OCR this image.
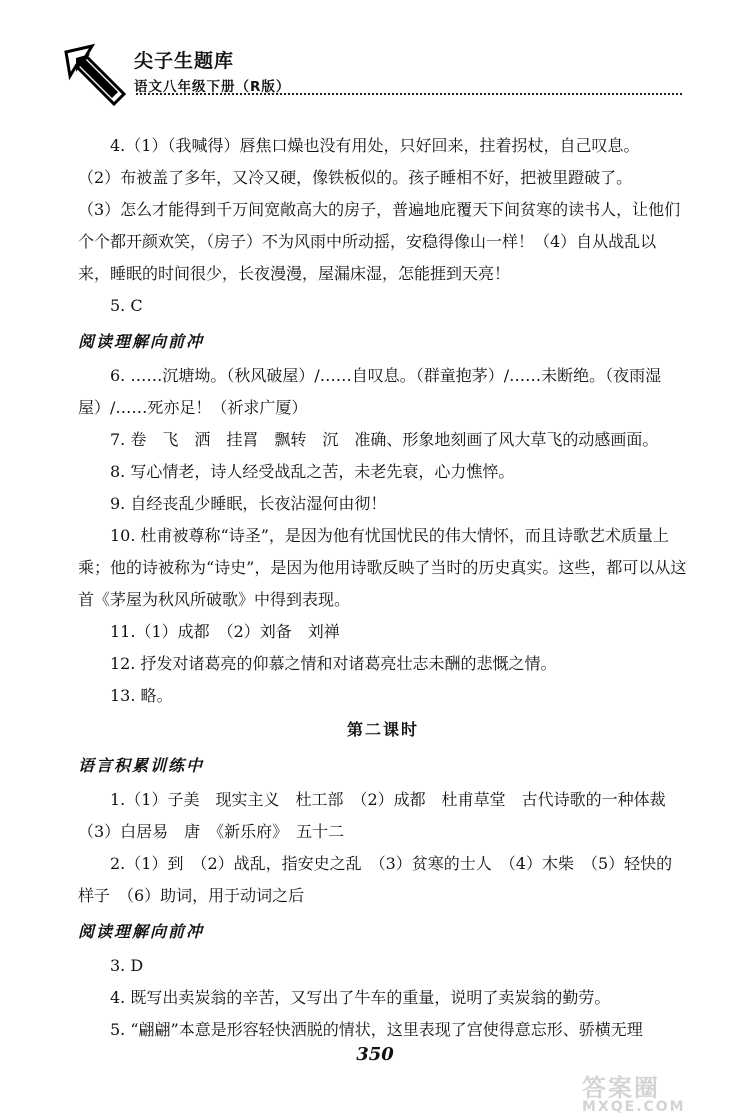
尖子生题库
语文八年级下册（R版）
4.（1）（我喊得）唇焦口燥也没有用处，只好回来，拄着拐杖，自己叹息。
（2）布被盖了多年，又冷又硬，像铁板似的。孩子睡相不好，把被里蹬破了。
（3）怎么才能得到千万间宽敞高大的房子，普遍地庇覆天下间贫寒的读书人，让他们个个都开颜欢笑，（房子）不为风雨中所动摇，安稳得像山一样！（4）自从战乱以来，睡眠的时间很少，长夜漫漫，屋漏床湿，怎能捱到天亮！
5. C
阅读理解向前冲
6. ……沉塘坳。（秋风破屋）/……自叹息。（群童抱茅）/……未断绝。（夜雨湿屋）/……死亦足！（祈求广厦）
7. 卷　飞　洒　挂罥　飘转　沉　准确、形象地刻画了风大草飞的动感画面。
8. 写心情老，诗人经受战乱之苦，未老先衰，心力憔悴。
9. 自经丧乱少睡眠，长夜沾湿何由彻！
10. 杜甫被尊称“诗圣”，是因为他有忧国忧民的伟大情怀，而且诗歌艺术质量上乘；他的诗被称为“诗史”，是因为他用诗歌反映了当时的历史真实。这些，都可以从这首《茅屋为秋风所破歌》中得到表现。
11.（1）成都　（2）刘备　刘禅
12. 抒发对诸葛亮的仰慕之情和对诸葛亮壮志未酬的悲慨之情。
13. 略。
第二课时
语言积累训练中
1.（1）子美　现实主义　杜工部　（2）成都　杜甫草堂　古代诗歌的一种体裁　（3）白居易　唐　《新乐府》　五十二
2.（1）到　（2）战乱，指安史之乱　（3）贫寒的士人　（4）木柴　（5）轻快的样子　（6）助词，用于动词之后
阅读理解向前冲
3. D
4. 既写出卖炭翁的辛苦，又写出了牛车的重量，说明了卖炭翁的勤劳。
5. “翩翩”本意是形容轻快洒脱的情状，这里表现了宫使得意忘形、骄横无理
350
答案圈
MXQE.COM
